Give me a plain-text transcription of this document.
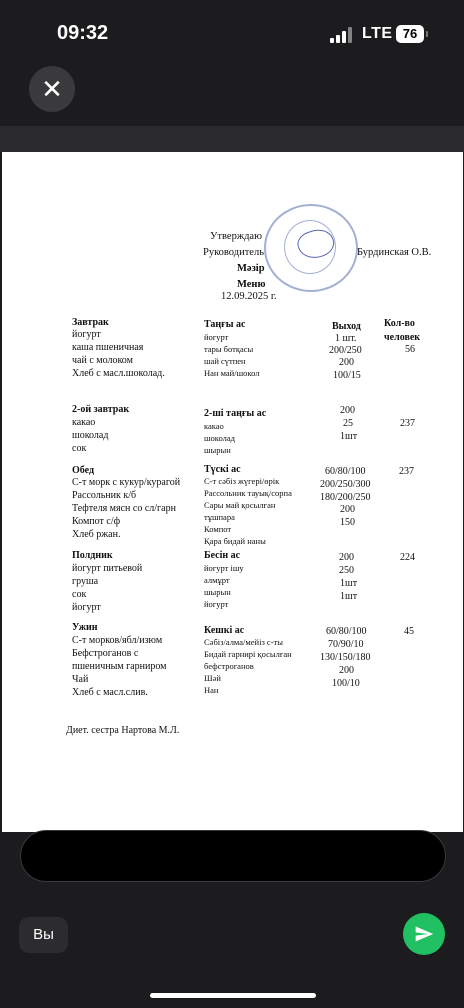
09:32	LTE 76
✕
Утверждаю
Руководитель	Бурдинская О.В.
Мәзір
Меню
12.09.2025 г.
Выход Кол-во
человек
Завтрак
йогурт
каша пшеничная
чай с молоком
Хлеб с масл.шоколад.
Таңғы ас
йогурт
тары ботқасы
шай сүтпен
Нан май/шокол
1 шт.
200/250
200
100/15
56
2-ой завтрак
какао
шоколад
сок
2-ші таңғы ас
какао
шоколад
шырын
200
25
1шт
237
Обед
С-т морк с кукур/курагой
Рассольник к/б
Тефтеля мясн со сл/гарн
Компот с/ф
Хлеб ржан.
Түскі ас
С-т сәбіз жүгері/өрік
Рассольник тауық/сорпа
Сары май қосылған
тұшпара
Компот
Қара бидай наны
60/80/100
200/250/300
180/200/250
200
150
237
Полдник
йогурт питьевой
груша
сок
йогурт
Бесін ас
йогурт ішу
алмұрт
шырын
йогурт
200
250
1шт
1шт
224
Ужин
С-т морков/ябл/изюм
Бефстроганов с
пшеничным гарниром
Чай
Хлеб с масл.слив.
Кешкі ас
Сәбіз/алма/мейіз с-ты
Бидай гарнирі қосылған
бефстроганов
Шәй
Нан
60/80/100
70/90/10
130/150/180
200
100/10
45
Диет. сестра Нартова М.Л.
Вы
